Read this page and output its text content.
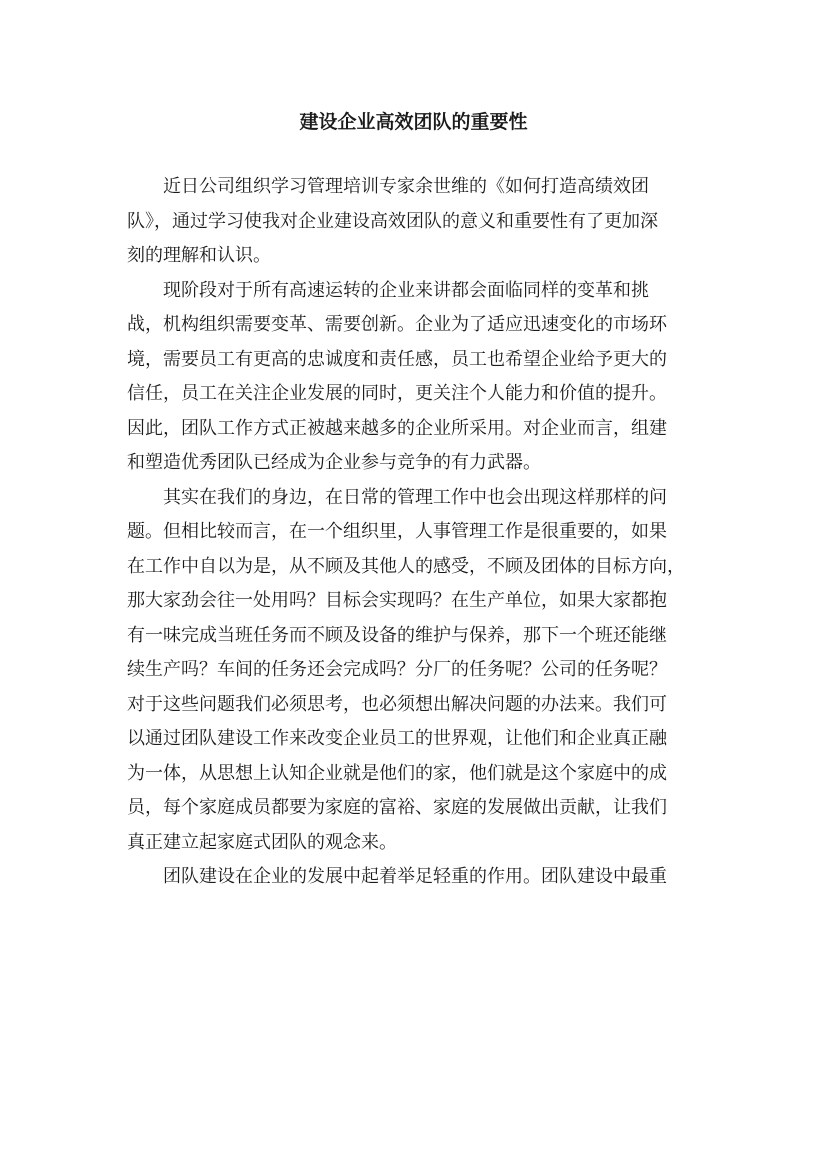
建设企业高效团队的重要性

近日公司组织学习管理培训专家余世维的《如何打造高绩效团
队》，通过学习使我对企业建设高效团队的意义和重要性有了更加深
刻的理解和认识。

现阶段对于所有高速运转的企业来讲都会面临同样的变革和挑
战，机构组织需要变革、需要创新。企业为了适应迅速变化的市场环
境，需要员工有更高的忠诚度和责任感，员工也希望企业给予更大的
信任，员工在关注企业发展的同时，更关注个人能力和价值的提升。
因此，团队工作方式正被越来越多的企业所采用。对企业而言，组建
和塑造优秀团队已经成为企业参与竞争的有力武器。

其实在我们的身边，在日常的管理工作中也会出现这样那样的问
题。但相比较而言，在一个组织里，人事管理工作是很重要的，如果
在工作中自以为是，从不顾及其他人的感受，不顾及团体的目标方向，
那大家劲会往一处用吗？目标会实现吗？在生产单位，如果大家都抱
有一味完成当班任务而不顾及设备的维护与保养，那下一个班还能继
续生产吗？车间的任务还会完成吗？分厂的任务呢？公司的任务呢？
对于这些问题我们必须思考，也必须想出解决问题的办法来。我们可
以通过团队建设工作来改变企业员工的世界观，让他们和企业真正融
为一体，从思想上认知企业就是他们的家，他们就是这个家庭中的成
员，每个家庭成员都要为家庭的富裕、家庭的发展做出贡献，让我们
真正建立起家庭式团队的观念来。

团队建设在企业的发展中起着举足轻重的作用。团队建设中最重
